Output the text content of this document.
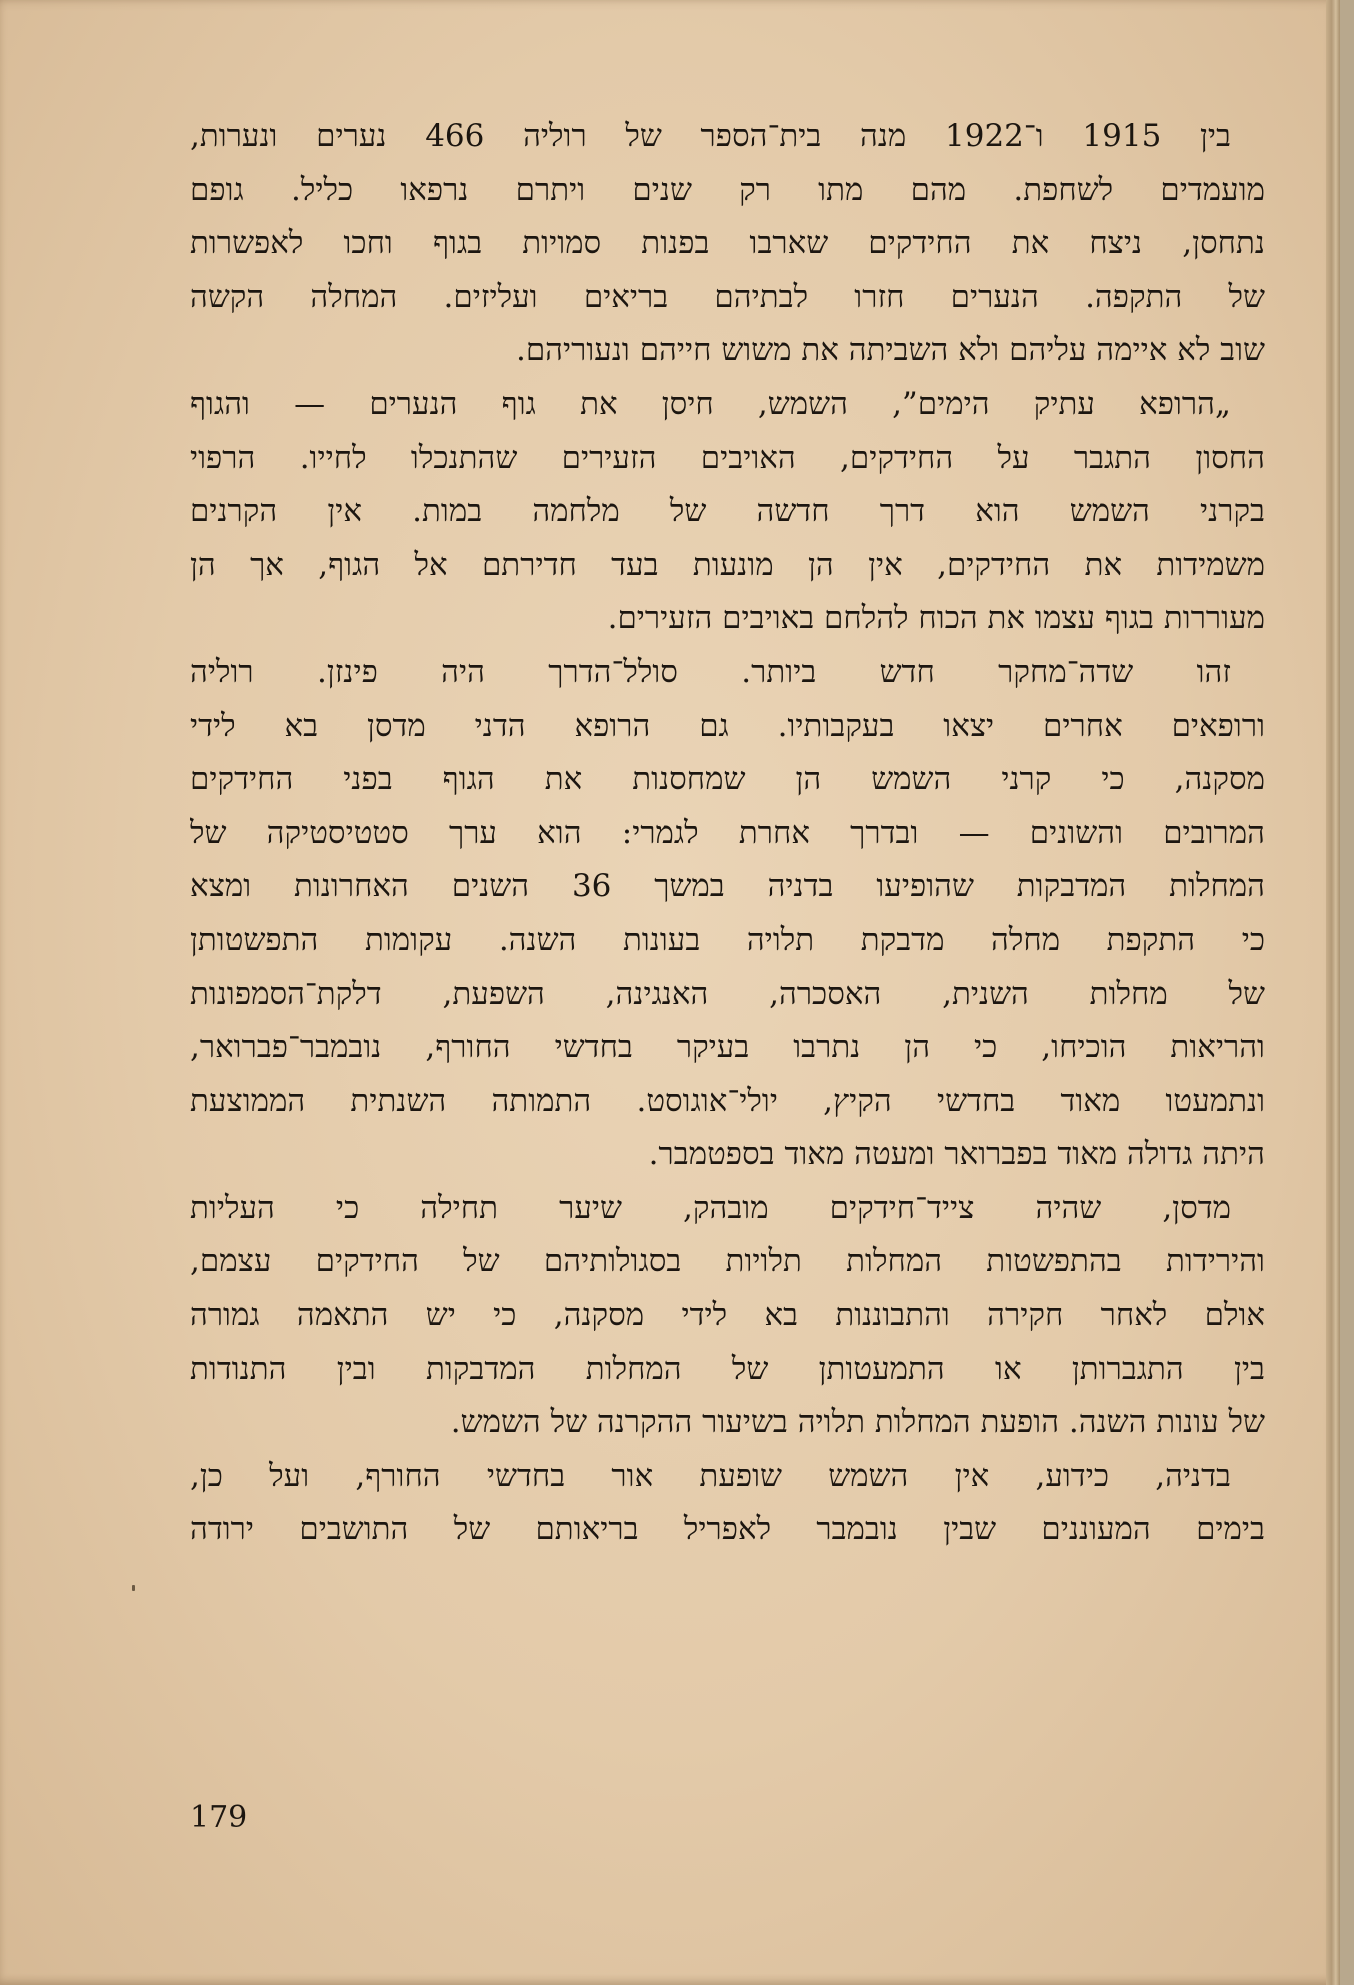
בין 1915 ו־1922 מנה בית־הספר של רוליה 466 נערים ונערות,
מועמדים לשחפת. מהם מתו רק שנים ויתרם נרפאו כליל. גופם
נתחסן, ניצח את החידקים שארבו בפנות סמויות בגוף וחכו לאפשרות
של התקפה. הנערים חזרו לבתיהם בריאים ועליזים. המחלה הקשה
שוב לא איימה עליהם ולא השביתה את משוש חייהם ונעוריהם.
„הרופא עתיק הימים”, השמש, חיסן את גוף הנערים — והגוף
החסון התגבר על החידקים, האויבים הזעירים שהתנכלו לחייו. הרפוי
בקרני השמש הוא דרך חדשה של מלחמה במות. אין הקרנים
משמידות את החידקים, אין הן מונעות בעד חדירתם אל הגוף, אך הן
מעוררות בגוף עצמו את הכוח להלחם באויבים הזעירים.
זהו שדה־מחקר חדש ביותר. סולל־הדרך היה פינזן. רוליה
ורופאים אחרים יצאו בעקבותיו. גם הרופא הדני מדסן בא לידי
מסקנה, כי קרני השמש הן שמחסנות את הגוף בפני החידקים
המרובים והשונים — ובדרך אחרת לגמרי: הוא ערך סטטיסטיקה של
המחלות המדבקות שהופיעו בדניה במשך 36 השנים האחרונות ומצא
כי התקפת מחלה מדבקת תלויה בעונות השנה. עקומות התפשטותן
של מחלות השנית, האסכרה, האנגינה, השפעת, דלקת־הסמפונות
והריאות הוכיחו, כי הן נתרבו בעיקר בחדשי החורף, נובמבר־פברואר,
ונתמעטו מאוד בחדשי הקיץ, יולי־אוגוסט. התמותה השנתית הממוצעת
היתה גדולה מאוד בפברואר ומעטה מאוד בספטמבר.
מדסן, שהיה צייד־חידקים מובהק, שיער תחילה כי העליות
והירידות בהתפשטות המחלות תלויות בסגולותיהם של החידקים עצמם,
אולם לאחר חקירה והתבוננות בא לידי מסקנה, כי יש התאמה גמורה
בין התגברותן או התמעטותן של המחלות המדבקות ובין התנודות
של עונות השנה. הופעת המחלות תלויה בשיעור ההקרנה של השמש.
בדניה, כידוע, אין השמש שופעת אור בחדשי החורף, ועל כן,
בימים המעוננים שבין נובמבר לאפריל בריאותם של התושבים ירודה
179
